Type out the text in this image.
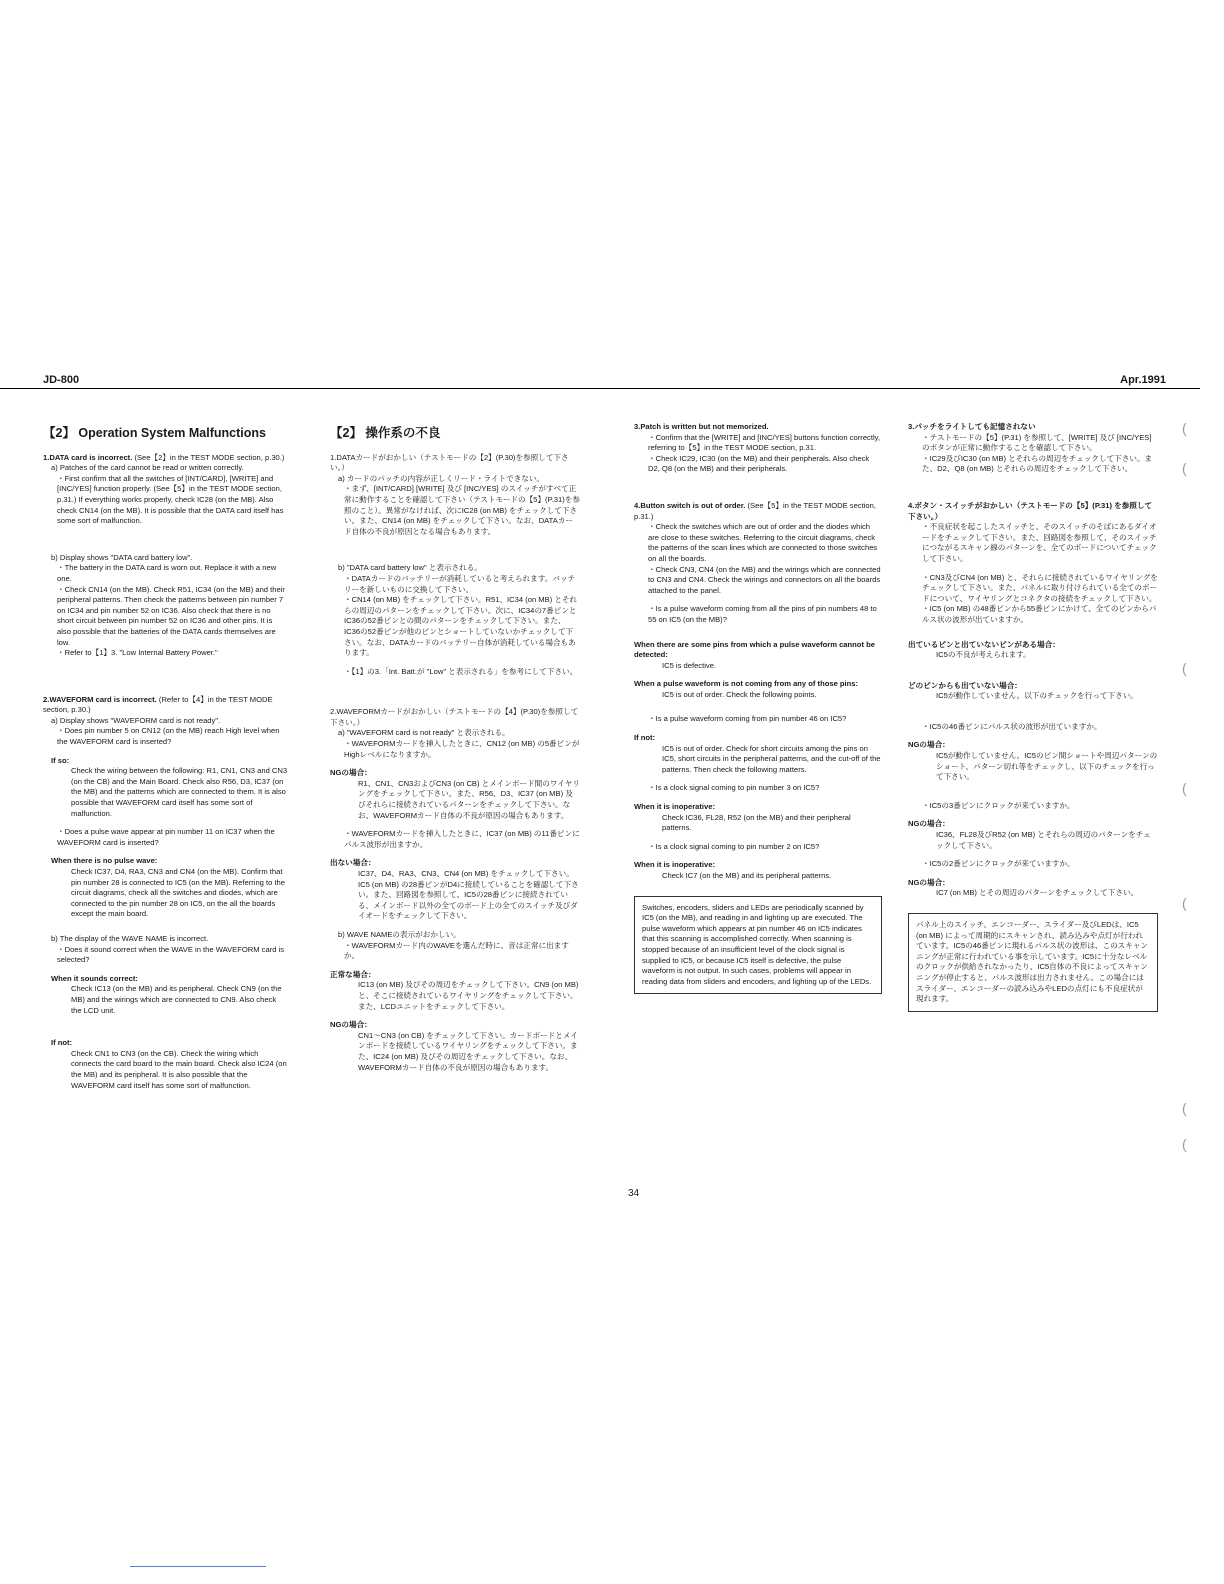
JD-800	Apr.1991

【2】 Operation System Malfunctions

1.DATA card is incorrect. (See【2】in the TEST MODE section, p.30.)

a) Patches of the card cannot be read or written correctly.

・First confirm that all the switches of [INT/CARD], [WRITE] and [INC/YES] function properly. (See【5】in the TEST MODE section, p.31.) If everything works properly, check IC28 (on the MB). Also check CN14 (on the MB). It is possible that the DATA card itself has some sort of malfunction.

b) Display shows "DATA card battery low".

・The battery in the DATA card is worn out. Replace it with a new one.

・Check CN14 (on the MB). Check R51, IC34 (on the MB) and their peripheral patterns. Then check the patterns between pin number 7 on IC34 and pin number 52 on IC36. Also check that there is no short circuit between pin number 52 on IC36 and other pins. It is also possible that the batteries of the DATA cards themselves are low.

・Refer to【1】3. "Low Internal Battery Power."

2.WAVEFORM card is incorrect. (Refer to【4】in the TEST MODE section, p.30.)

a) Display shows "WAVEFORM card is not ready".

・Does pin number 5 on CN12 (on the MB) reach High level when the WAVEFORM card is inserted?

If so:

Check the wiring between the following: R1, CN1, CN3 and CN3 (on the CB) and the Main Board. Check also R56, D3, IC37 (on the MB) and the patterns which are connected to them. It is also possible that WAVEFORM card itself has some sort of malfunction.

・Does a pulse wave appear at pin number 11 on IC37 when the WAVEFORM card is inserted?

When there is no pulse wave:

Check IC37, D4, RA3, CN3 and CN4 (on the MB). Confirm that pin number 28 is connected to IC5 (on the MB). Referring to the circuit diagrams, check all the switches and diodes, which are connected to the pin number 28 on IC5, on the all the boards except the main board.

b) The display of the WAVE NAME is incorrect.

・Does it sound correct when the WAVE in the WAVEFORM card is selected?

When it sounds correct:

Check IC13 (on the MB) and its peripheral. Check CN9 (on the MB) and the wirings which are connected to CN9. Also check the LCD unit.

If not:

Check CN1 to CN3 (on the CB). Check the wiring which connects the card board to the main board. Check also IC24 (on the MB) and its peripheral. It is also possible that the WAVEFORM card itself has some sort of malfunction.

【2】 操作系の不良

1.DATAカードがおかしい（テストモードの【2】(P.30)を参照して下さい。）

a) カードのパッチの内容が正しくリード・ライトできない。

・まず、[INT/CARD] [WRITE] 及び [INC/YES] のスイッチがすべて正常に動作することを確認して下さい（テストモードの【5】(P.31)を参照のこと）。異常がなければ、次にIC28 (on MB) をチェックして下さい。また、CN14 (on MB) をチェックして下さい。なお、DATAカード自体の不良が原因となる場合もあります。

b) "DATA card battery low" と表示される。

・DATAカードのバッテリーが消耗していると考えられます。バッテリーを新しいものに交換して下さい。

・CN14 (on MB) をチェックして下さい。R51、IC34 (on MB) とそれらの周辺のパターンをチェックして下さい。次に、IC34の7番ピンとIC36の52番ピンとの間のパターンをチェックして下さい。また、IC36の52番ピンが他のピンとショートしていないかチェックして下さい。なお、DATAカードのバッテリー自体が消耗している場合もあります。

・【1】の3.「Int. Batt.が "Low" と表示される」を参考にして下さい。

2.WAVEFORMカードがおかしい（テストモードの【4】(P.30)を参照して下さい。）

a) "WAVEFORM card is not ready" と表示される。

・WAVEFORMカードを挿入したときに、CN12 (on MB) の5番ピンがHighレベルになりますか。

NGの場合：

R1、CN1、CN3およびCN3 (on CB) とメインボード間のワイヤリングをチェックして下さい。また、R56、D3、IC37 (on MB) 及びそれらに接続されているパターンをチェックして下さい。なお、WAVEFORMカード自体の不良が原因の場合もあります。

・WAVEFORMカードを挿入したときに、IC37 (on MB) の11番ピンにパルス波形が出ますか。

出ない場合：

IC37、D4、RA3、CN3、CN4 (on MB) をチェックして下さい。IC5 (on MB) の28番ピンがD4に接続していることを確認して下さい。また、回路図を参照して、IC5の28番ピンに接続されている、メインボード以外の全てのボード上の全てのスイッチ及びダイオードをチェックして下さい。

b) WAVE NAMEの表示がおかしい。

・WAVEFORMカード内のWAVEを選んだ時に、音は正常に出ますか。

正常な場合：

IC13 (on MB) 及びその周辺をチェックして下さい。CN9 (on MB) と、そこに接続されているワイヤリングをチェックして下さい。また、LCDユニットをチェックして下さい。

NGの場合：

CN1〜CN3 (on CB) をチェックして下さい。カードボードとメインボードを接続しているワイヤリングをチェックして下さい。また、IC24 (on MB) 及びその周辺をチェックして下さい。なお、WAVEFORMカード自体の不良が原因の場合もあります。

3.Patch is written but not memorized.

・Confirm that the [WRITE] and [INC/YES] buttons function correctly, referring to【5】in the TEST MODE section, p.31.

・Check IC29, IC30 (on the MB) and their peripherals. Also check D2, Q8 (on the MB) and their peripherals.

4.Button switch is out of order. (See【5】in the TEST MODE section, p.31.)

・Check the switches which are out of order and the diodes which are close to these switches. Referring to the circuit diagrams, check the patterns of the scan lines which are connected to those switches on all the boards.

・Check CN3, CN4 (on the MB) and the wirings which are connected to CN3 and CN4. Check the wirings and connectors on all the boards attached to the panel.

・Is a pulse waveform coming from all the pins of pin numbers 48 to 55 on IC5 (on the MB)?

When there are some pins from which a pulse waveform cannot be detected:

IC5 is defective.

When a pulse waveform is not coming from any of those pins:

IC5 is out of order. Check the following points.

・Is a pulse waveform coming from pin number 46 on IC5?

If not:

IC5 is out of order. Check for short circuits among the pins on IC5, short circuits in the peripheral patterns, and the cut-off of the patterns. Then check the following matters.

・Is a clock signal coming to pin number 3 on IC5?

When it is inoperative:

Check IC36, FL28, R52 (on the MB) and their peripheral patterns.

・Is a clock signal coming to pin number 2 on IC5?

When it is inoperative:

Check IC7 (on the MB) and its peripheral patterns.

Switches, encoders, sliders and LEDs are periodically scanned by IC5 (on the MB), and reading in and lighting up are executed. The pulse waveform which appears at pin number 46 on IC5 indicates that this scanning is accomplished correctly. When scanning is stopped because of an insufficient level of the clock signal is supplied to IC5, or because IC5 itself is defective, the pulse waveform is not output. In such cases, problems will appear in reading data from sliders and encoders, and lighting up of the LEDs.

3.パッチをライトしても記憶されない

・テストモードの【5】(P.31) を参照して、[WRITE] 及び [INC/YES] のボタンが正常に動作することを確認して下さい。

・IC29及びIC30 (on MB) とそれらの周辺をチェックして下さい。また、D2、Q8 (on MB) とそれらの周辺をチェックして下さい。

4.ボタン・スイッチがおかしい（テストモードの【5】(P.31) を参照して下さい。）

・不良症状を起こしたスイッチと、そのスイッチのそばにあるダイオードをチェックして下さい。また、回路図を参照して、そのスイッチにつながるスキャン線のパターンを、全てのボードについてチェックして下さい。

・CN3及びCN4 (on MB) と、それらに接続されているワイヤリングをチェックして下さい。また、パネルに取り付けられている全てのボードについて、ワイヤリングとコネクタの接続をチェックして下さい。

・IC5 (on MB) の48番ピンから55番ピンにかけて、全てのピンからパルス状の波形が出ていますか。

出ているピンと出ていないピンがある場合：

IC5の不良が考えられます。

どのピンからも出ていない場合：

IC5が動作していません。以下のチェックを行って下さい。

・IC5の46番ピンにパルス状の波形が出ていますか。

NGの場合：

IC5が動作していません。IC5のピン間ショートや周辺パターンのショート、パターン切れ等をチェックし、以下のチェックを行って下さい。

・IC5の3番ピンにクロックが来ていますか。

NGの場合：

IC36、FL28及びR52 (on MB) とそれらの周辺のパターンをチェックして下さい。

・IC5の2番ピンにクロックが来ていますか。

NGの場合：

IC7 (on MB) とその周辺のパターンをチェックして下さい。

パネル上のスイッチ、エンコーダー、スライダー及びLEDは、IC5 (on MB) によって周期的にスキャンされ、読み込みや点灯が行われています。IC5の46番ピンに現れるパルス状の波形は、このスキャンニングが正常に行われている事を示しています。IC5に十分なレベルのクロックが供給されなかったり、IC5自体の不良によってスキャンニングが停止すると、パルス波形は出力されません。この場合にはスライダー、エンコーダーの読み込みやLEDの点灯にも不良症状が現れます。

34
(
(
(
(
(
(
(
